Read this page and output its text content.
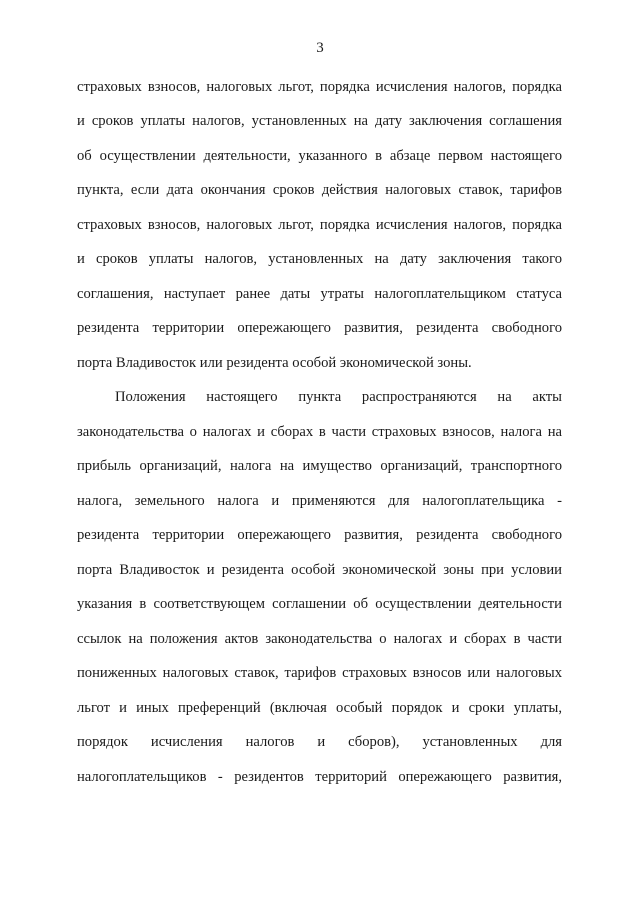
3
страховых взносов, налоговых льгот, порядка исчисления налогов, порядка
и сроков уплаты налогов, установленных на дату заключения соглашения
об осуществлении деятельности, указанного в абзаце первом настоящего
пункта, если дата окончания сроков действия налоговых ставок, тарифов
страховых взносов, налоговых льгот, порядка исчисления налогов, порядка
и сроков уплаты налогов, установленных на дату заключения такого
соглашения, наступает ранее даты утраты налогоплательщиком статуса
резидента территории опережающего развития, резидента свободного
порта Владивосток или резидента особой экономической зоны.
Положения настоящего пункта распространяются на акты
законодательства о налогах и сборах в части страховых взносов, налога на
прибыль организаций, налога на имущество организаций, транспортного
налога, земельного налога и применяются для налогоплательщика -
резидента территории опережающего развития, резидента свободного
порта Владивосток и резидента особой экономической зоны при условии
указания в соответствующем соглашении об осуществлении деятельности
ссылок на положения актов законодательства о налогах и сборах в части
пониженных налоговых ставок, тарифов страховых взносов или налоговых
льгот и иных преференций (включая особый порядок и сроки уплаты,
порядок исчисления налогов и сборов), установленных для
налогоплательщиков - резидентов территорий опережающего развития,
